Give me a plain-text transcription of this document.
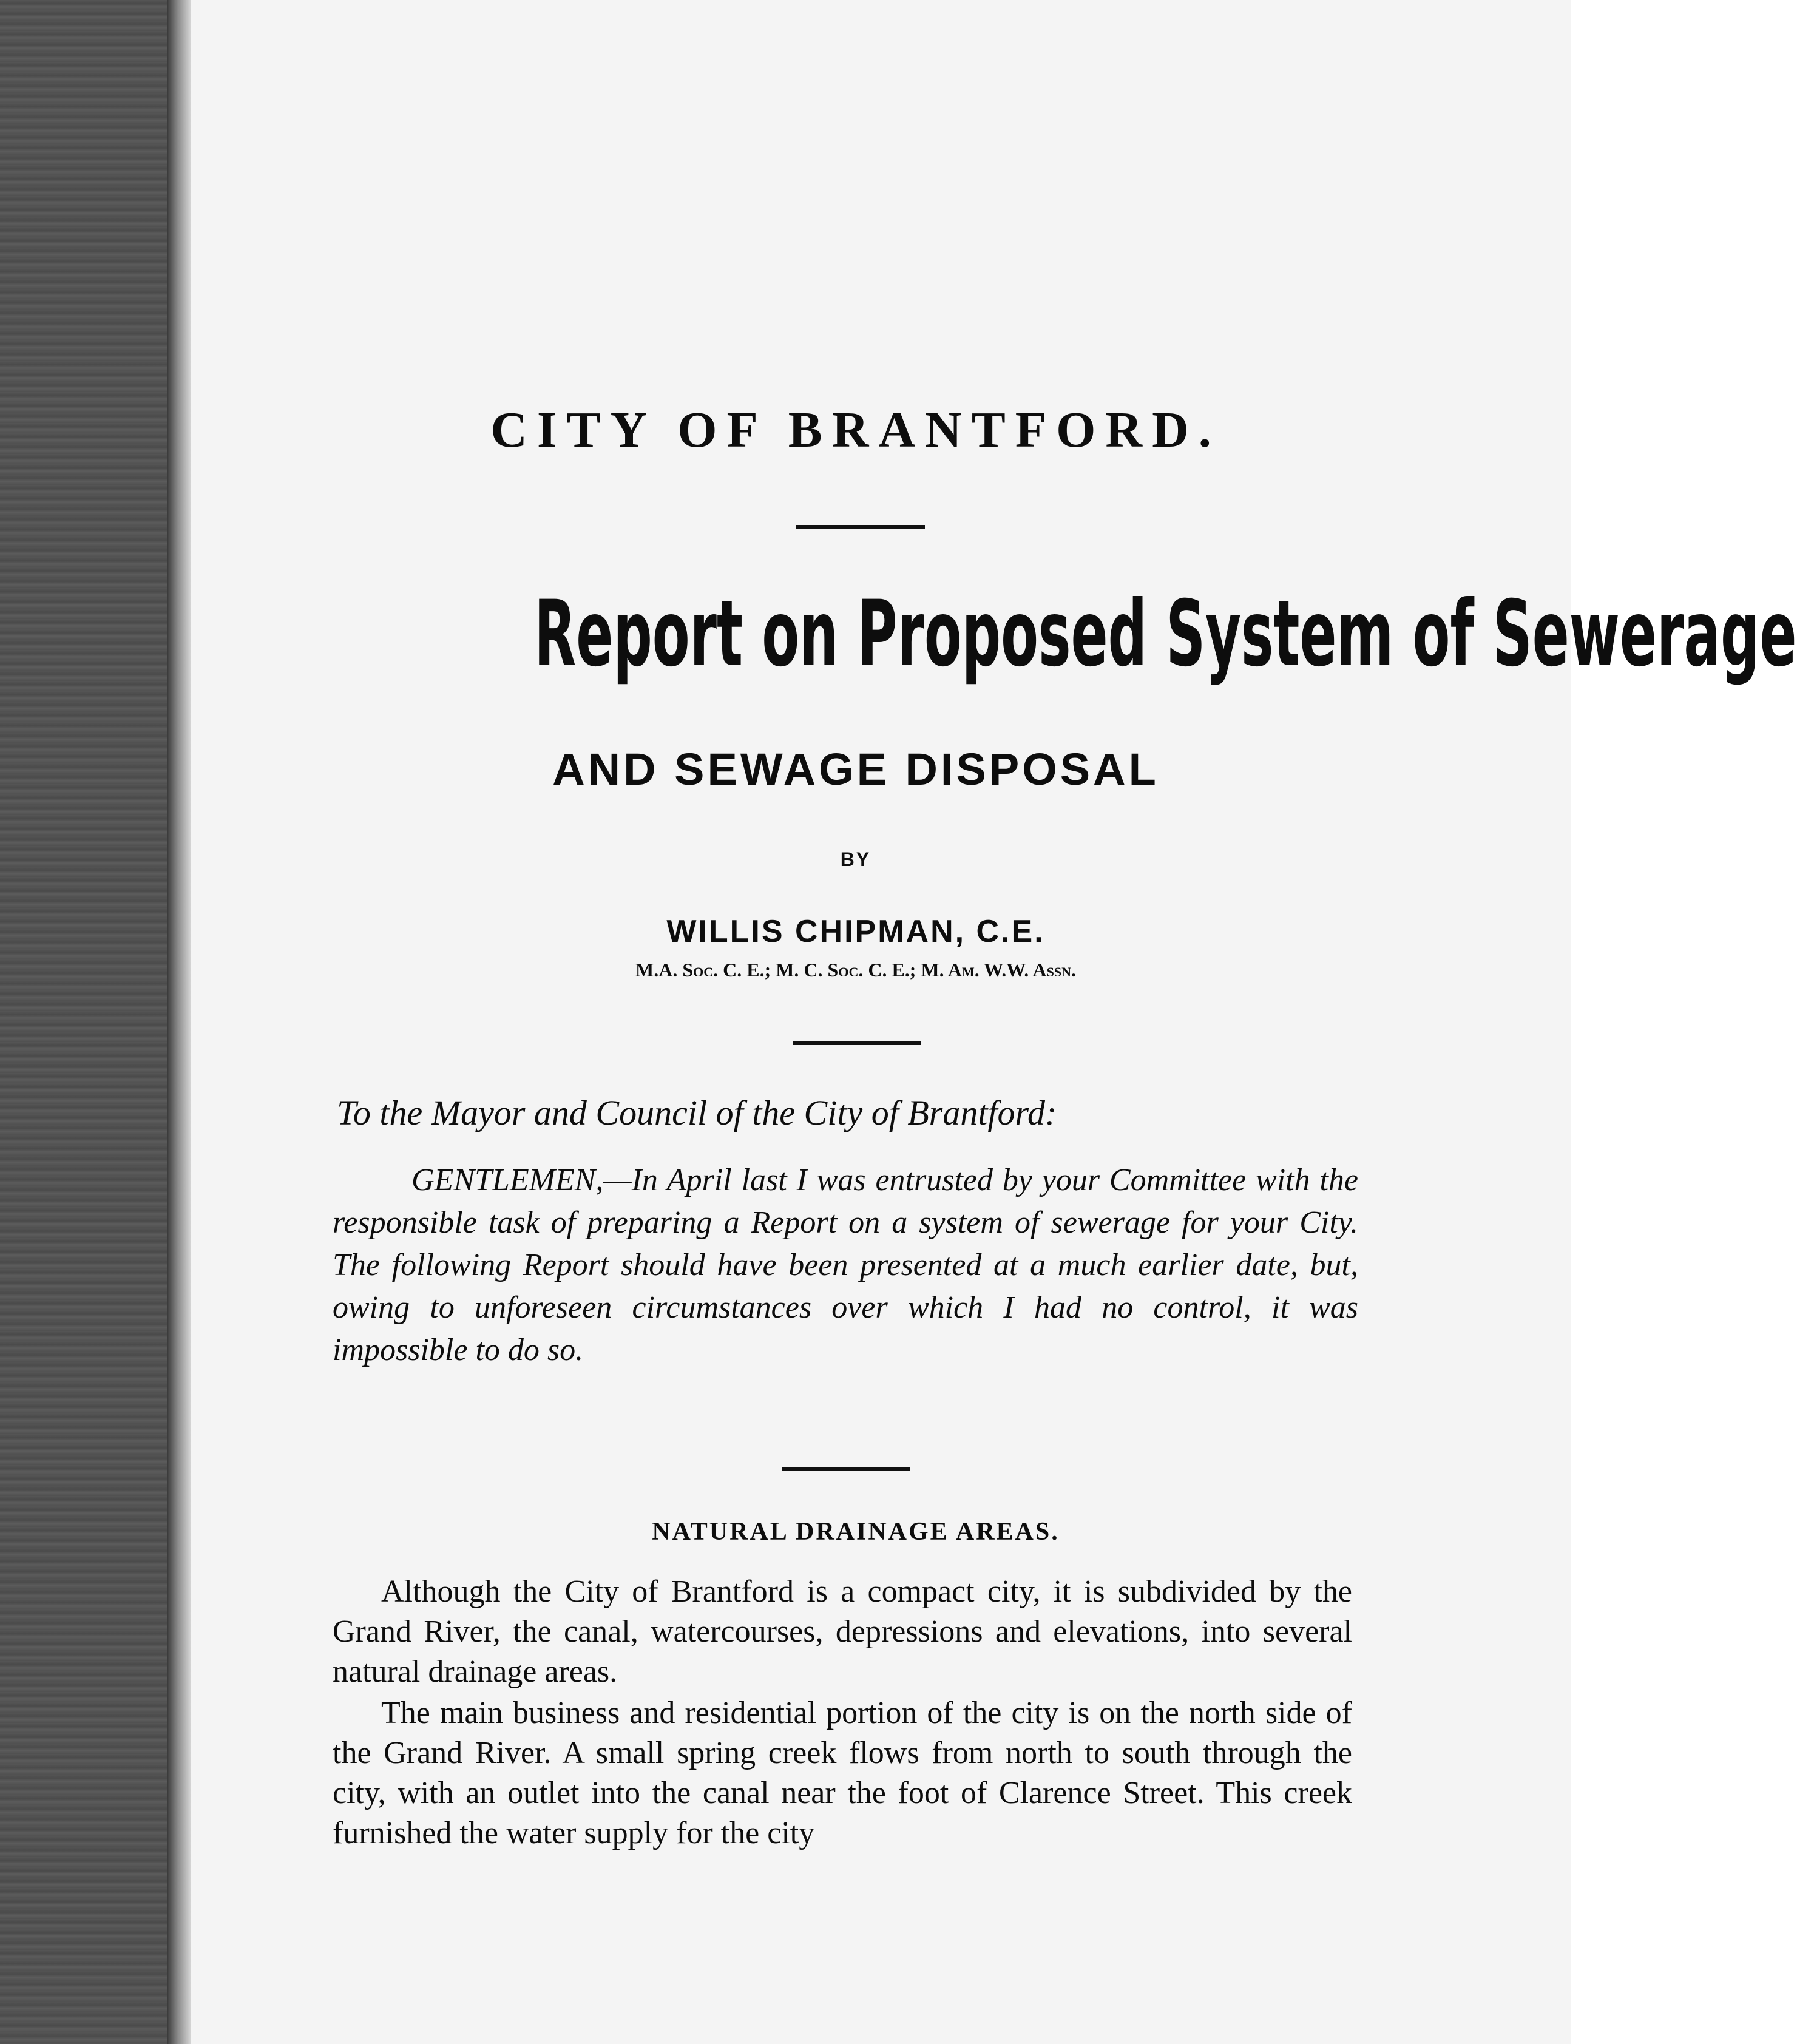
CITY OF BRANTFORD.
Report on Proposed System of Sewerage
AND SEWAGE DISPOSAL
BY
WILLIS CHIPMAN, C.E.
M.A. Soc. C. E.; M. C. Soc. C. E.; M. Am. W.W. Assn.

To the Mayor and Council of the City of Brantford:

GENTLEMEN,—In April last I was entrusted by your Committee with the responsible task of preparing a Report on a system of sewerage for your City. The following Report should have been presented at a much earlier date, but, owing to unforeseen circumstances over which I had no control, it was impossible to do so.

NATURAL DRAINAGE AREAS.

Although the City of Brantford is a compact city, it is subdivided by the Grand River, the canal, watercourses, depressions and elevations, into several natural drainage areas.

The main business and residential portion of the city is on the north side of the Grand River. A small spring creek flows from north to south through the city, with an outlet into the canal near the foot of Clarence Street. This creek furnished the water supply for the city
